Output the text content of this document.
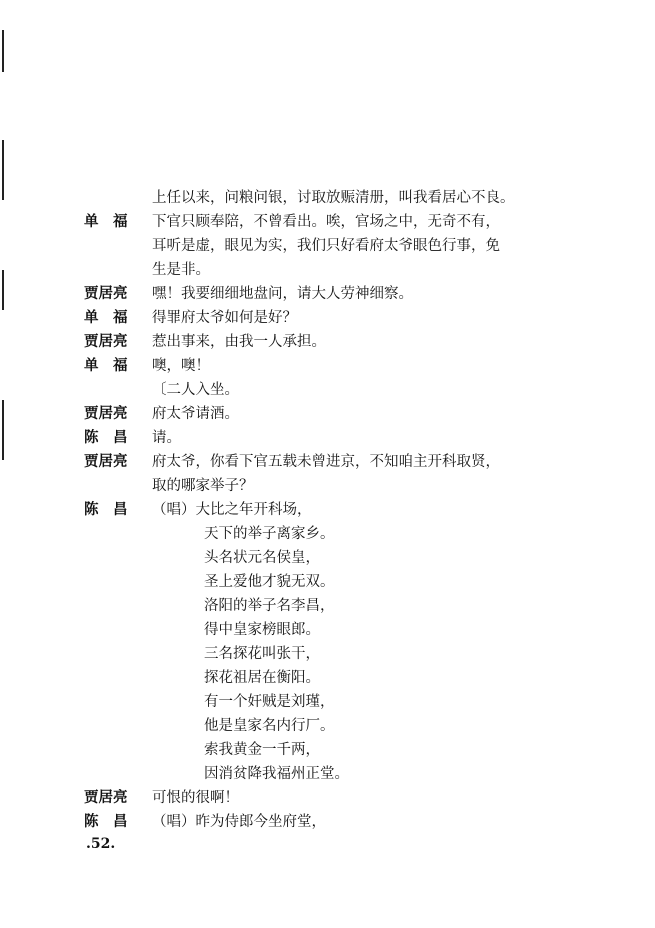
上任以来，问粮问银，讨取放赈清册，叫我看居心不良。
单　福	下官只顾奉陪，不曾看出。唉，官场之中，无奇不有，
耳听是虚，眼见为实，我们只好看府太爷眼色行事，免
生是非。
贾居亮	嘿！我要细细地盘问，请大人劳神细察。
单　福	得罪府太爷如何是好？
贾居亮	惹出事来，由我一人承担。
单　福	噢，噢！
〔二人入坐。
贾居亮	府太爷请酒。
陈　昌	请。
贾居亮	府太爷，你看下官五载未曾进京，不知咱主开科取贤，
取的哪家举子？
陈　昌	（唱）大比之年开科场，
天下的举子离家乡。
头名状元名侯皇，
圣上爱他才貌无双。
洛阳的举子名李昌，
得中皇家榜眼郎。
三名探花叫张干，
探花祖居在衡阳。
有一个奸贼是刘瑾，
他是皇家名内行厂。
索我黄金一千两，
因消贫降我福州正堂。
贾居亮	可恨的很啊！
陈　昌	（唱）昨为侍郎今坐府堂，
.52.
